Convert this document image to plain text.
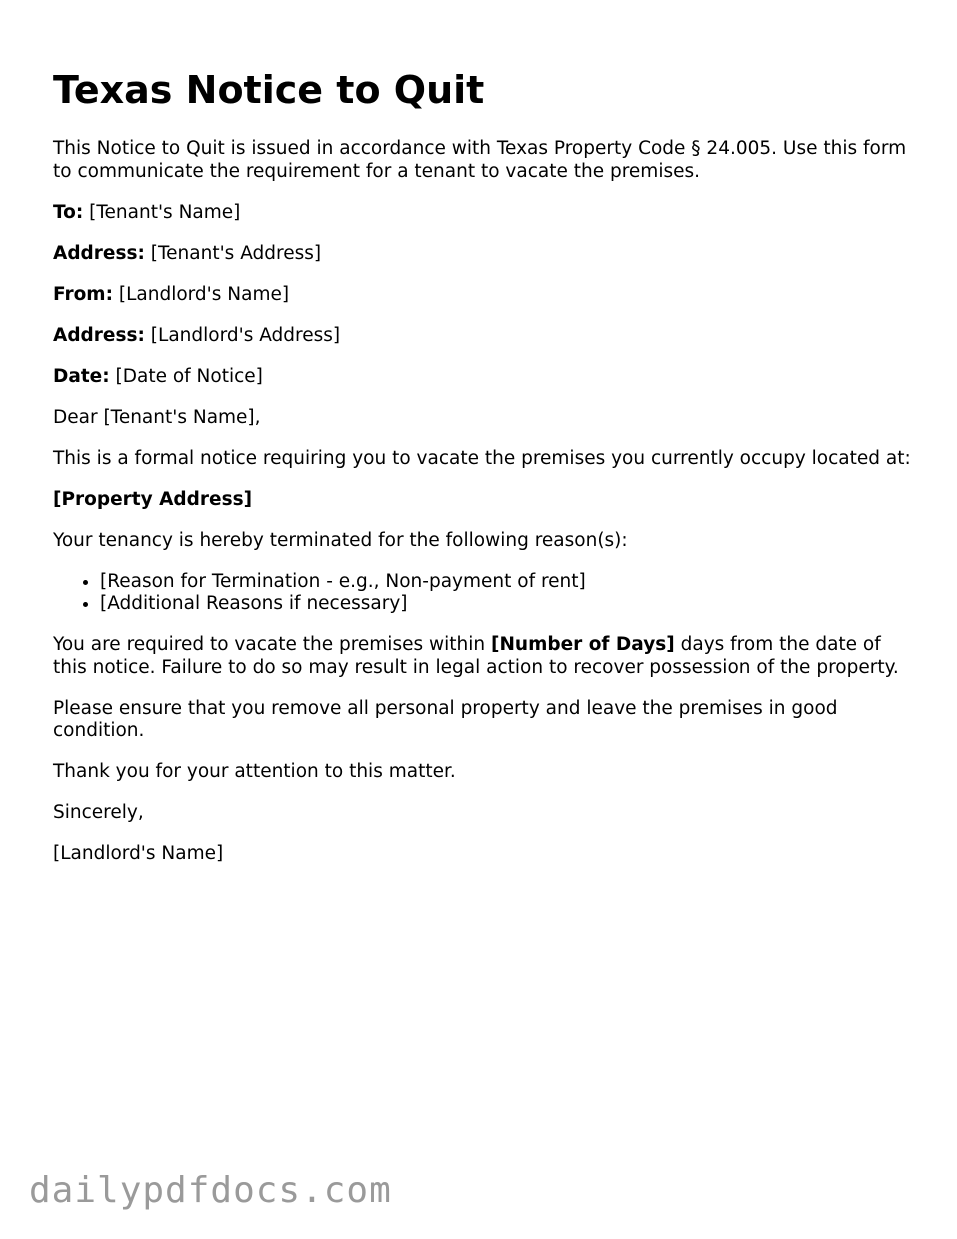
Texas Notice to Quit

This Notice to Quit is issued in accordance with Texas Property Code § 24.005. Use this form to communicate the requirement for a tenant to vacate the premises.

To: [Tenant's Name]

Address: [Tenant's Address]

From: [Landlord's Name]

Address: [Landlord's Address]

Date: [Date of Notice]

Dear [Tenant's Name],

This is a formal notice requiring you to vacate the premises you currently occupy located at:

[Property Address]

Your tenancy is hereby terminated for the following reason(s):

• [Reason for Termination - e.g., Non-payment of rent]
• [Additional Reasons if necessary]

You are required to vacate the premises within [Number of Days] days from the date of this notice. Failure to do so may result in legal action to recover possession of the property.

Please ensure that you remove all personal property and leave the premises in good condition.

Thank you for your attention to this matter.

Sincerely,

[Landlord's Name]

dailypdfdocs.com
